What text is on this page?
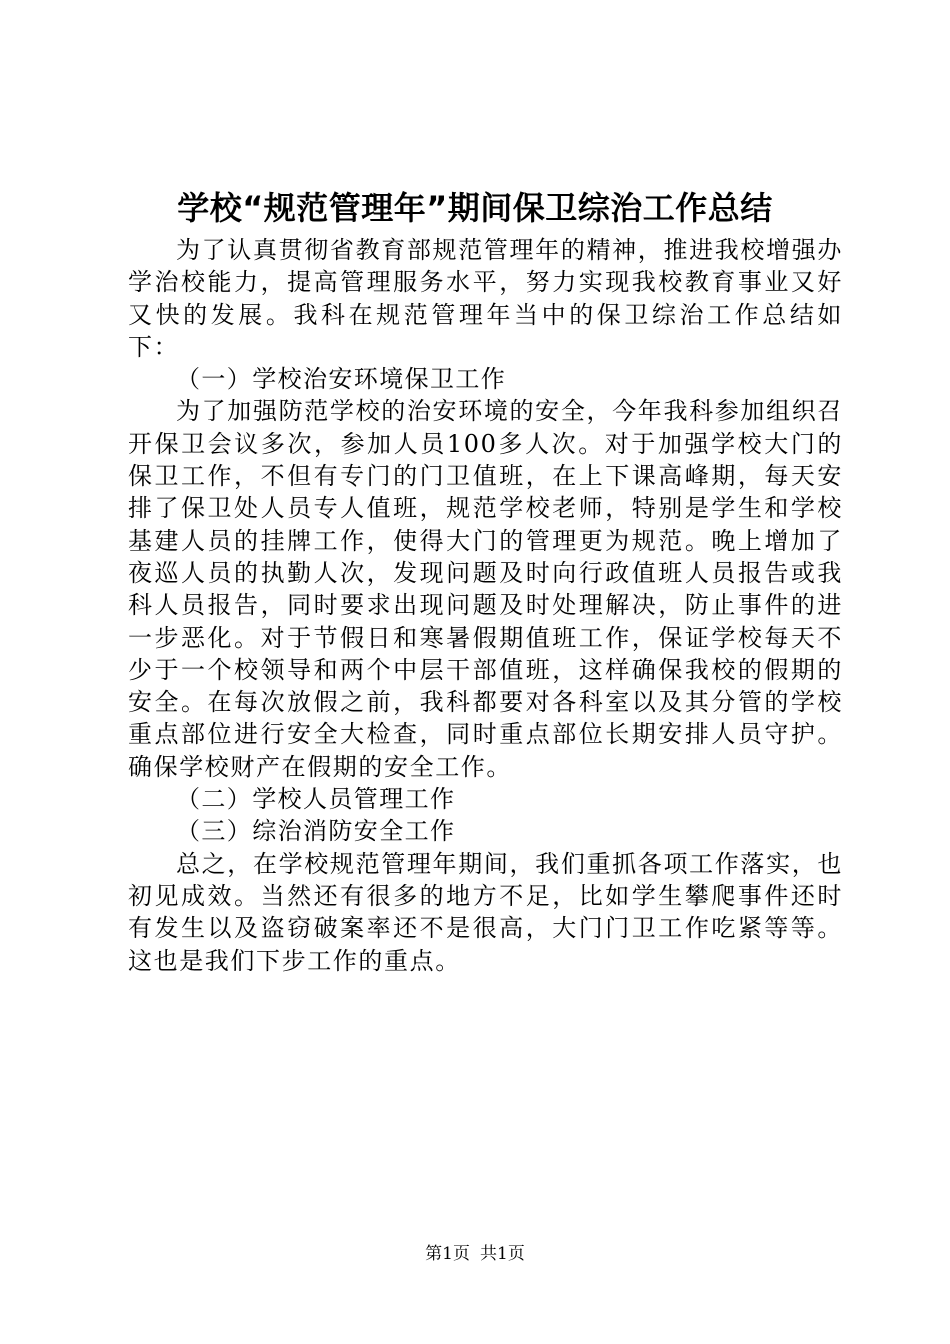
学校“规范管理年”期间保卫综治工作总结

为了认真贯彻省教育部规范管理年的精神，推进我校增强办学治校能力，提高管理服务水平，努力实现我校教育事业又好又快的发展。我科在规范管理年当中的保卫综治工作总结如下：

（一）学校治安环境保卫工作

为了加强防范学校的治安环境的安全，今年我科参加组织召开保卫会议多次，参加人员100多人次。对于加强学校大门的保卫工作，不但有专门的门卫值班，在上下课高峰期，每天安排了保卫处人员专人值班，规范学校老师，特别是学生和学校基建人员的挂牌工作，使得大门的管理更为规范。晚上增加了夜巡人员的执勤人次，发现问题及时向行政值班人员报告或我科人员报告，同时要求出现问题及时处理解决，防止事件的进一步恶化。对于节假日和寒暑假期值班工作，保证学校每天不少于一个校领导和两个中层干部值班，这样确保我校的假期的安全。在每次放假之前，我科都要对各科室以及其分管的学校重点部位进行安全大检查，同时重点部位长期安排人员守护。确保学校财产在假期的安全工作。

（二）学校人员管理工作

（三）综治消防安全工作

总之，在学校规范管理年期间，我们重抓各项工作落实，也初见成效。当然还有很多的地方不足，比如学生攀爬事件还时有发生以及盗窃破案率还不是很高，大门门卫工作吃紧等等。这也是我们下步工作的重点。

第1页 共1页
